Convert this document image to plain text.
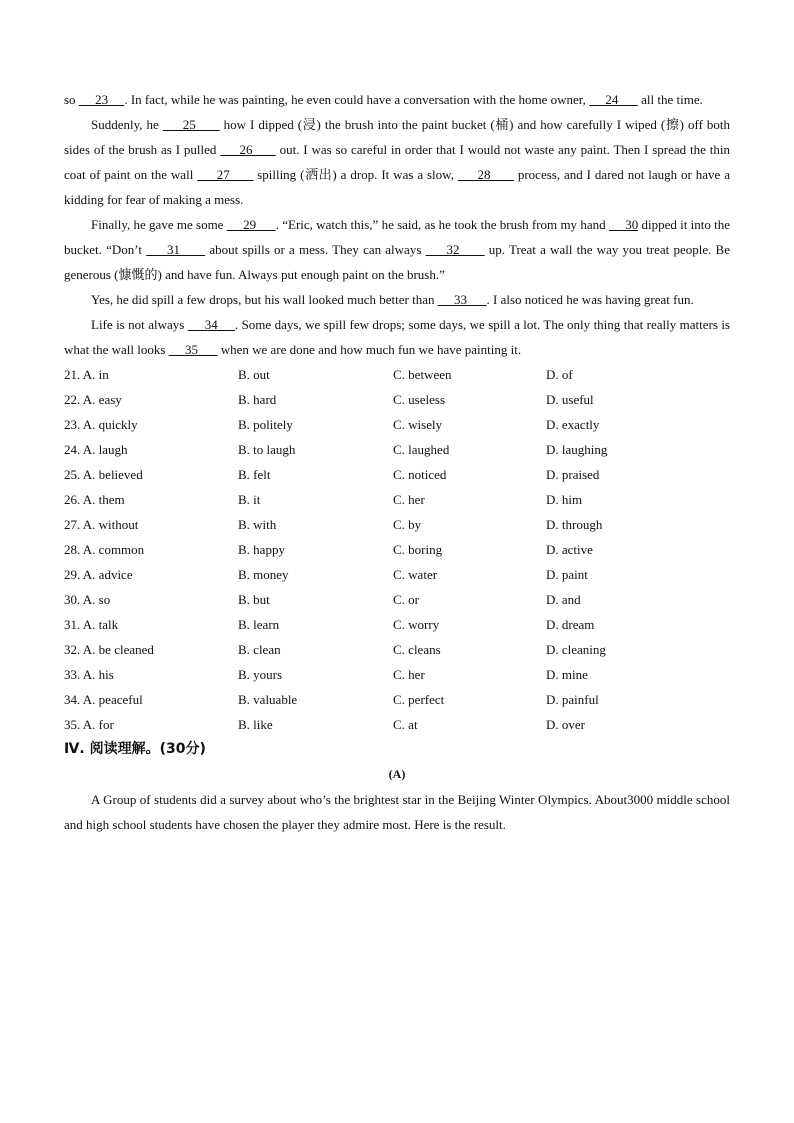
so      23     . In fact, while he was painting, he even could have a conversation with the home owner,      24       all the time.

Suddenly, he      25       how I dipped (浸) the brush into the paint bucket (桶) and how carefully I wiped (擦) off both sides of the brush as I pulled      26       out. I was so careful in order that I would not waste any paint. Then I spread the thin coat of paint on the wall      27       spilling (洒出) a drop. It was a slow,      28       process, and I dared not laugh or have a kidding for fear of making a mess.

Finally, he gave me some      29      . “Eric, watch this,” he said, as he took the brush from my hand      30 dipped it into the bucket. “Don’t      31       about spills or a mess. They can always      32       up. Treat a wall the way you treat people. Be generous (慷慨的) and have fun. Always put enough paint on the brush.”

Yes, he did spill a few drops, but his wall looked much better than      33      . I also noticed he was having great fun.

Life is not always      34     . Some days, we spill few drops; some days, we spill a lot. The only thing that really matters is what the wall looks      35       when we are done and how much fun we have painting it.

21. A. in	B. out	C. between	D. of
22. A. easy	B. hard	C. useless	D. useful
23. A. quickly	B. politely	C. wisely	D. exactly
24. A. laugh	B. to laugh	C. laughed	D. laughing
25. A. believed	B. felt	C. noticed	D. praised
26. A. them	B. it	C. her	D. him
27. A. without	B. with	C. by	D. through
28. A. common	B. happy	C. boring	D. active
29. A. advice	B. money	C. water	D. paint
30. A. so	B. but	C. or	D. and
31. A. talk	B. learn	C. worry	D. dream
32. A. be cleaned	B. clean	C. cleans	D. cleaning
33. A. his	B. yours	C. her	D. mine
34. A. peaceful	B. valuable	C. perfect	D. painful
35. A. for	B. like	C. at	D. over

Ⅳ. 阅读理解。(30分)

(A)

A Group of students did a survey about who’s the brightest star in the Beijing Winter Olympics. About3000 middle school and high school students have chosen the player they admire most. Here is the result.
